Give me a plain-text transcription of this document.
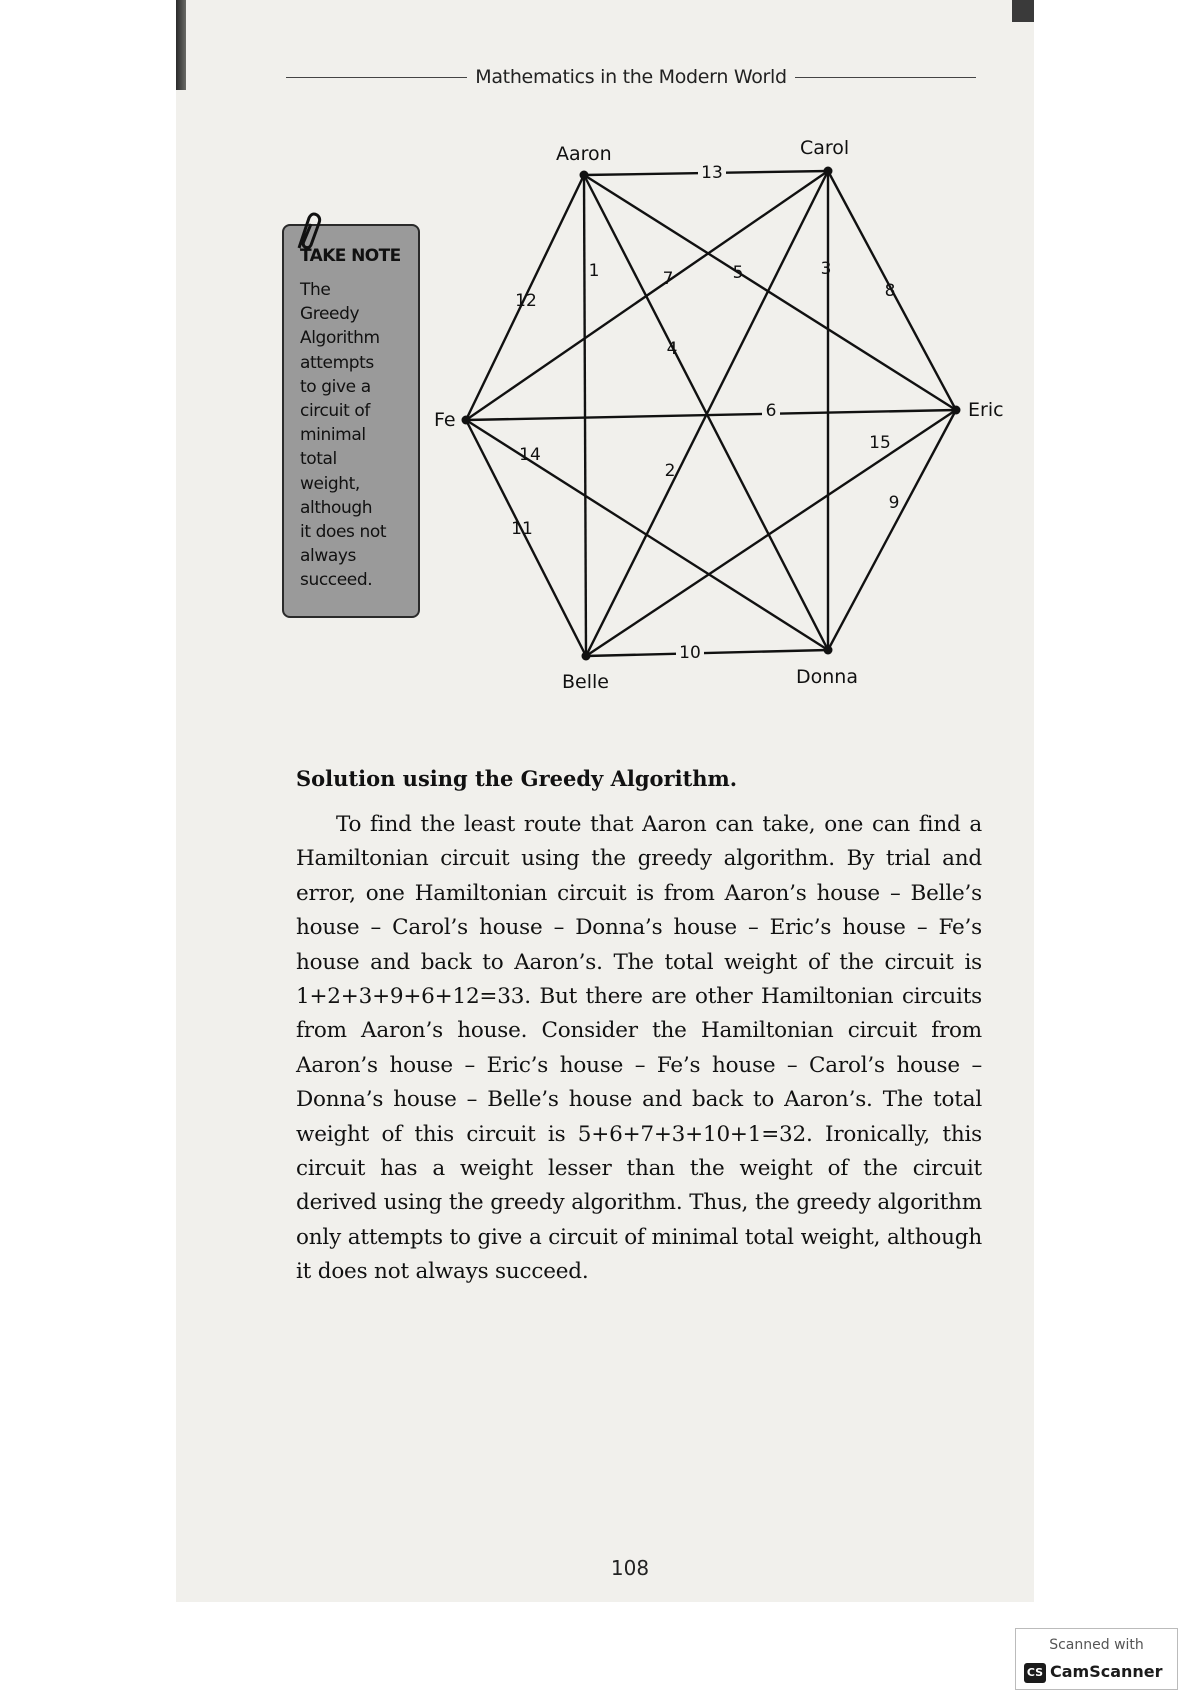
Mathematics in the Modern World
TAKE NOTE
The
Greedy
Algorithm
attempts
to give a
circuit of
minimal
total
weight,
although
it does not
always
succeed.
Aaron	Carol
Eric
Donna
Belle
Fe
13
10
6
1
12
7	5	3
8
4
14
15
2
9
11
Solution using the Greedy Algorithm.

To find the least route that Aaron can take, one can find a Hamiltonian circuit using the greedy algorithm. By trial and error, one Hamiltonian circuit is from Aaron’s house – Belle’s house – Carol’s house – Donna’s house – Eric’s house – Fe’s house and back to Aaron’s. The total weight of the circuit is 1+2+3+9+6+12=33. But there are other Hamiltonian circuits from Aaron’s house. Consider the Hamiltonian circuit from Aaron’s house – Eric’s house – Fe’s house – Carol’s house – Donna’s house – Belle’s house and back to Aaron’s. The total weight of this circuit is 5+6+7+3+10+1=32. Ironically, this circuit has a weight lesser than the weight of the circuit derived using the greedy algorithm. Thus, the greedy algorithm only attempts to give a circuit of minimal total weight, although it does not always succeed.

108
Scanned with
CS CamScanner
